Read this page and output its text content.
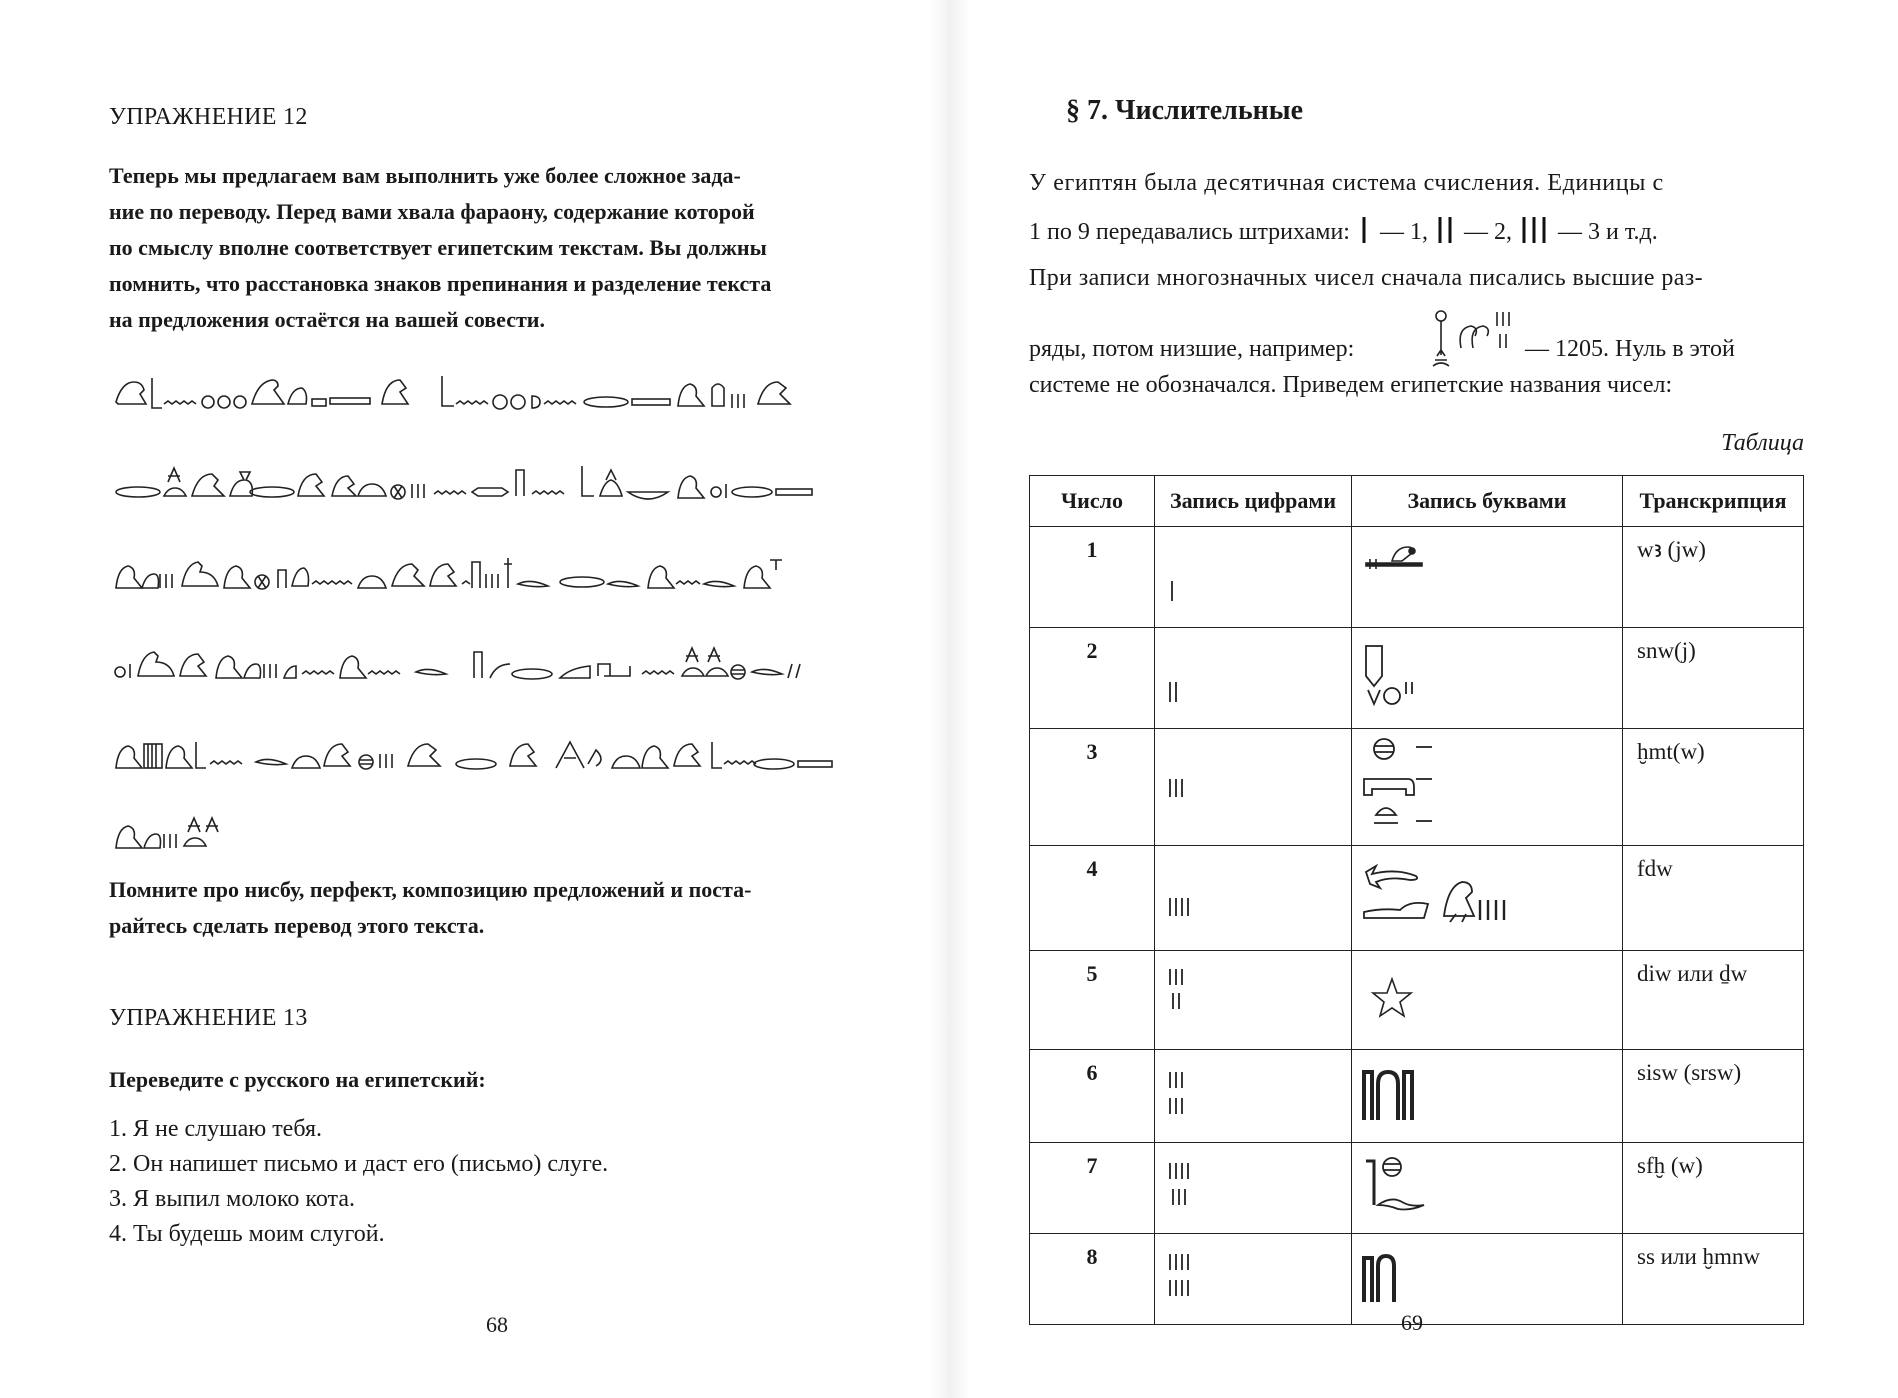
УПРАЖНЕНИЕ 12
Теперь мы предлагаем вам выполнить уже более сложное зада-
ние по переводу. Перед вами хвала фараону, содержание которой
по смыслу вполне соответствует египетским текстам. Вы должны
помнить, что расстановка знаков препинания и разделение текста
на предложения остаётся на вашей совести.
Помните про нисбу, перфект, композицию предложений и поста-
райтесь сделать перевод этого текста.
УПРАЖНЕНИЕ 13
Переведите с русского на египетский:
1. Я не слушаю тебя.
2. Он напишет письмо и даст его (письмо) слуге.
3. Я выпил молоко кота.
4. Ты будешь моим слугой.
68
§ 7. Числительные
У египтян была десятичная система счисления. Единицы с
1 по 9 передавались штрихами: — 1, — 2, — 3 и т.д.
При записи многозначных чисел сначала писались высшие раз-
ряды, потом низшие, например:	— 1205. Нуль в этой
системе не обозначался. Приведем египетские названия чисел:
Таблица
Число	Запись цифрами	Запись буквами	Транскрипция
1			wꜣ (jw)
2			snw(j)
3			ḫmt(w)
4			fdw
5			diw или ḏw
6			sisw (srsw)
7			sfḫ (w)
8			ss или ḫmnw
69
